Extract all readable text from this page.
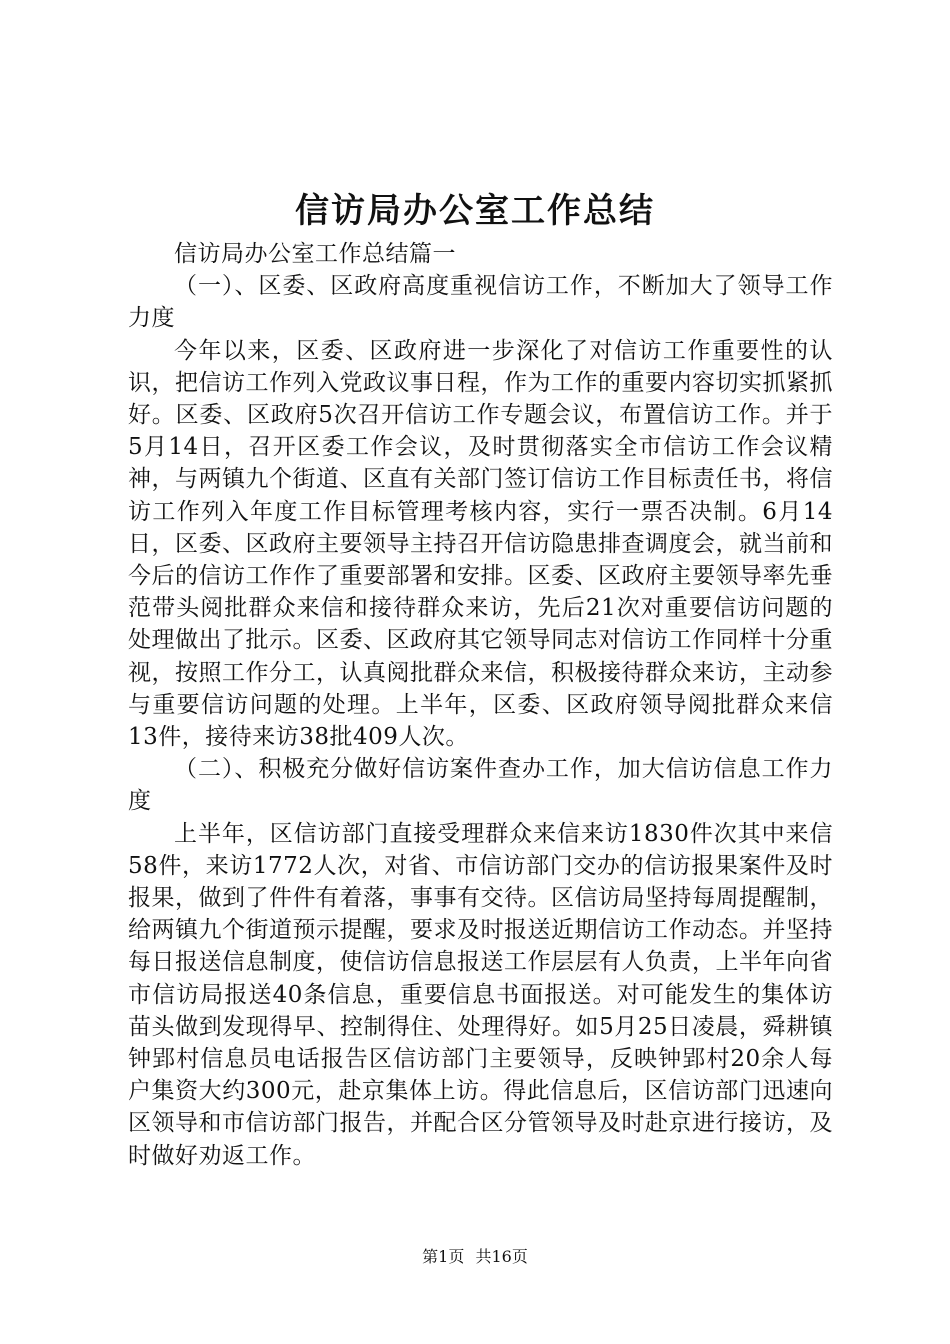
信访局办公室工作总结

信访局办公室工作总结篇一

（一）、区委、区政府高度重视信访工作，不断加大了领导工作力度

今年以来，区委、区政府进一步深化了对信访工作重要性的认识，把信访工作列入党政议事日程，作为工作的重要内容切实抓紧抓好。区委、区政府5次召开信访工作专题会议，布置信访工作。并于5月14日，召开区委工作会议，及时贯彻落实全市信访工作会议精神，与两镇九个街道、区直有关部门签订信访工作目标责任书，将信访工作列入年度工作目标管理考核内容，实行一票否决制。6月14日，区委、区政府主要领导主持召开信访隐患排查调度会，就当前和今后的信访工作作了重要部署和安排。区委、区政府主要领导率先垂范带头阅批群众来信和接待群众来访，先后21次对重要信访问题的处理做出了批示。区委、区政府其它领导同志对信访工作同样十分重视，按照工作分工，认真阅批群众来信，积极接待群众来访，主动参与重要信访问题的处理。上半年，区委、区政府领导阅批群众来信13件，接待来访38批409人次。

（二）、积极充分做好信访案件查办工作，加大信访信息工作力度

上半年，区信访部门直接受理群众来信来访1830件次其中来信58件，来访1772人次，对省、市信访部门交办的信访报果案件及时报果，做到了件件有着落，事事有交待。区信访局坚持每周提醒制，给两镇九个街道预示提醒，要求及时报送近期信访工作动态。并坚持每日报送信息制度，使信访信息报送工作层层有人负责，上半年向省市信访局报送40条信息，重要信息书面报送。对可能发生的集体访苗头做到发现得早、控制得住、处理得好。如5月25日凌晨，舜耕镇钟郢村信息员电话报告区信访部门主要领导，反映钟郢村20余人每户集资大约300元，赴京集体上访。得此信息后，区信访部门迅速向区领导和市信访部门报告，并配合区分管领导及时赴京进行接访，及时做好劝返工作。

第1页 共16页
